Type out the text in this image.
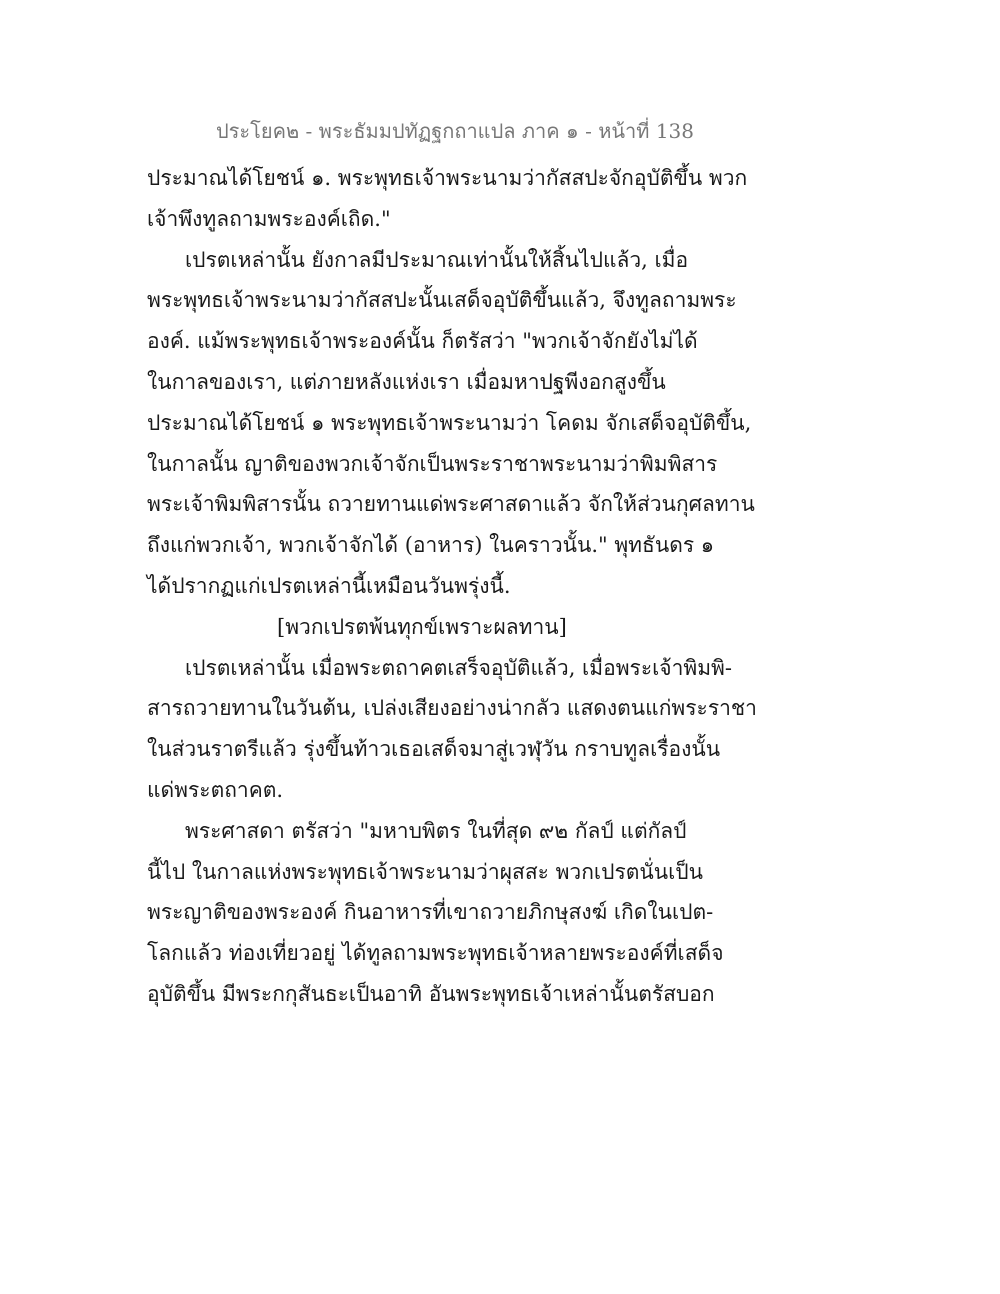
ประโยค๒ - พระธัมมปทัฏฐกถาแปล ภาค ๑ - หน้าที่ 138
ประมาณได้โยชน์ ๑. พระพุทธเจ้าพระนามว่ากัสสปะจักอุบัติขึ้น พวก
เจ้าพึงทูลถามพระองค์เถิด."
เปรตเหล่านั้น ยังกาลมีประมาณเท่านั้นให้สิ้นไปแล้ว, เมื่อ
พระพุทธเจ้าพระนามว่ากัสสปะนั้นเสด็จอุบัติขึ้นแล้ว, จึงทูลถามพระ
องค์. แม้พระพุทธเจ้าพระองค์นั้น ก็ตรัสว่า "พวกเจ้าจักยังไม่ได้
ในกาลของเรา, แต่ภายหลังแห่งเรา เมื่อมหาปฐพีงอกสูงขึ้น
ประมาณได้โยชน์ ๑ พระพุทธเจ้าพระนามว่า โคดม จักเสด็จอุบัติขึ้น,
ในกาลนั้น ญาติของพวกเจ้าจักเป็นพระราชาพระนามว่าพิมพิสาร
พระเจ้าพิมพิสารนั้น ถวายทานแด่พระศาสดาแล้ว จักให้ส่วนกุศลทาน
ถึงแก่พวกเจ้า, พวกเจ้าจักได้ (อาหาร) ในคราวนั้น." พุทธันดร ๑
ได้ปรากฏแก่เปรตเหล่านี้เหมือนวันพรุ่งนี้.
[พวกเปรตพ้นทุกข์เพราะผลทาน]
เปรตเหล่านั้น เมื่อพระตถาคตเสร็จอุบัติแล้ว, เมื่อพระเจ้าพิมพิ-
สารถวายทานในวันต้น, เปล่งเสียงอย่างน่ากลัว แสดงตนแก่พระราชา
ในส่วนราตรีแล้ว รุ่งขึ้นท้าวเธอเสด็จมาสู่เวฬุวัน กราบทูลเรื่องนั้น
แด่พระตถาคต.
พระศาสดา ตรัสว่า "มหาบพิตร ในที่สุด ๙๒ กัลป์ แต่กัลป์
นี้ไป ในกาลแห่งพระพุทธเจ้าพระนามว่าผุสสะ พวกเปรตนั่นเป็น
พระญาติของพระองค์ กินอาหารที่เขาถวายภิกษุสงฆ์ เกิดในเปต-
โลกแล้ว ท่องเที่ยวอยู่ ได้ทูลถามพระพุทธเจ้าหลายพระองค์ที่เสด็จ
อุบัติขึ้น มีพระกกุสันธะเป็นอาทิ อันพระพุทธเจ้าเหล่านั้นตรัสบอก
